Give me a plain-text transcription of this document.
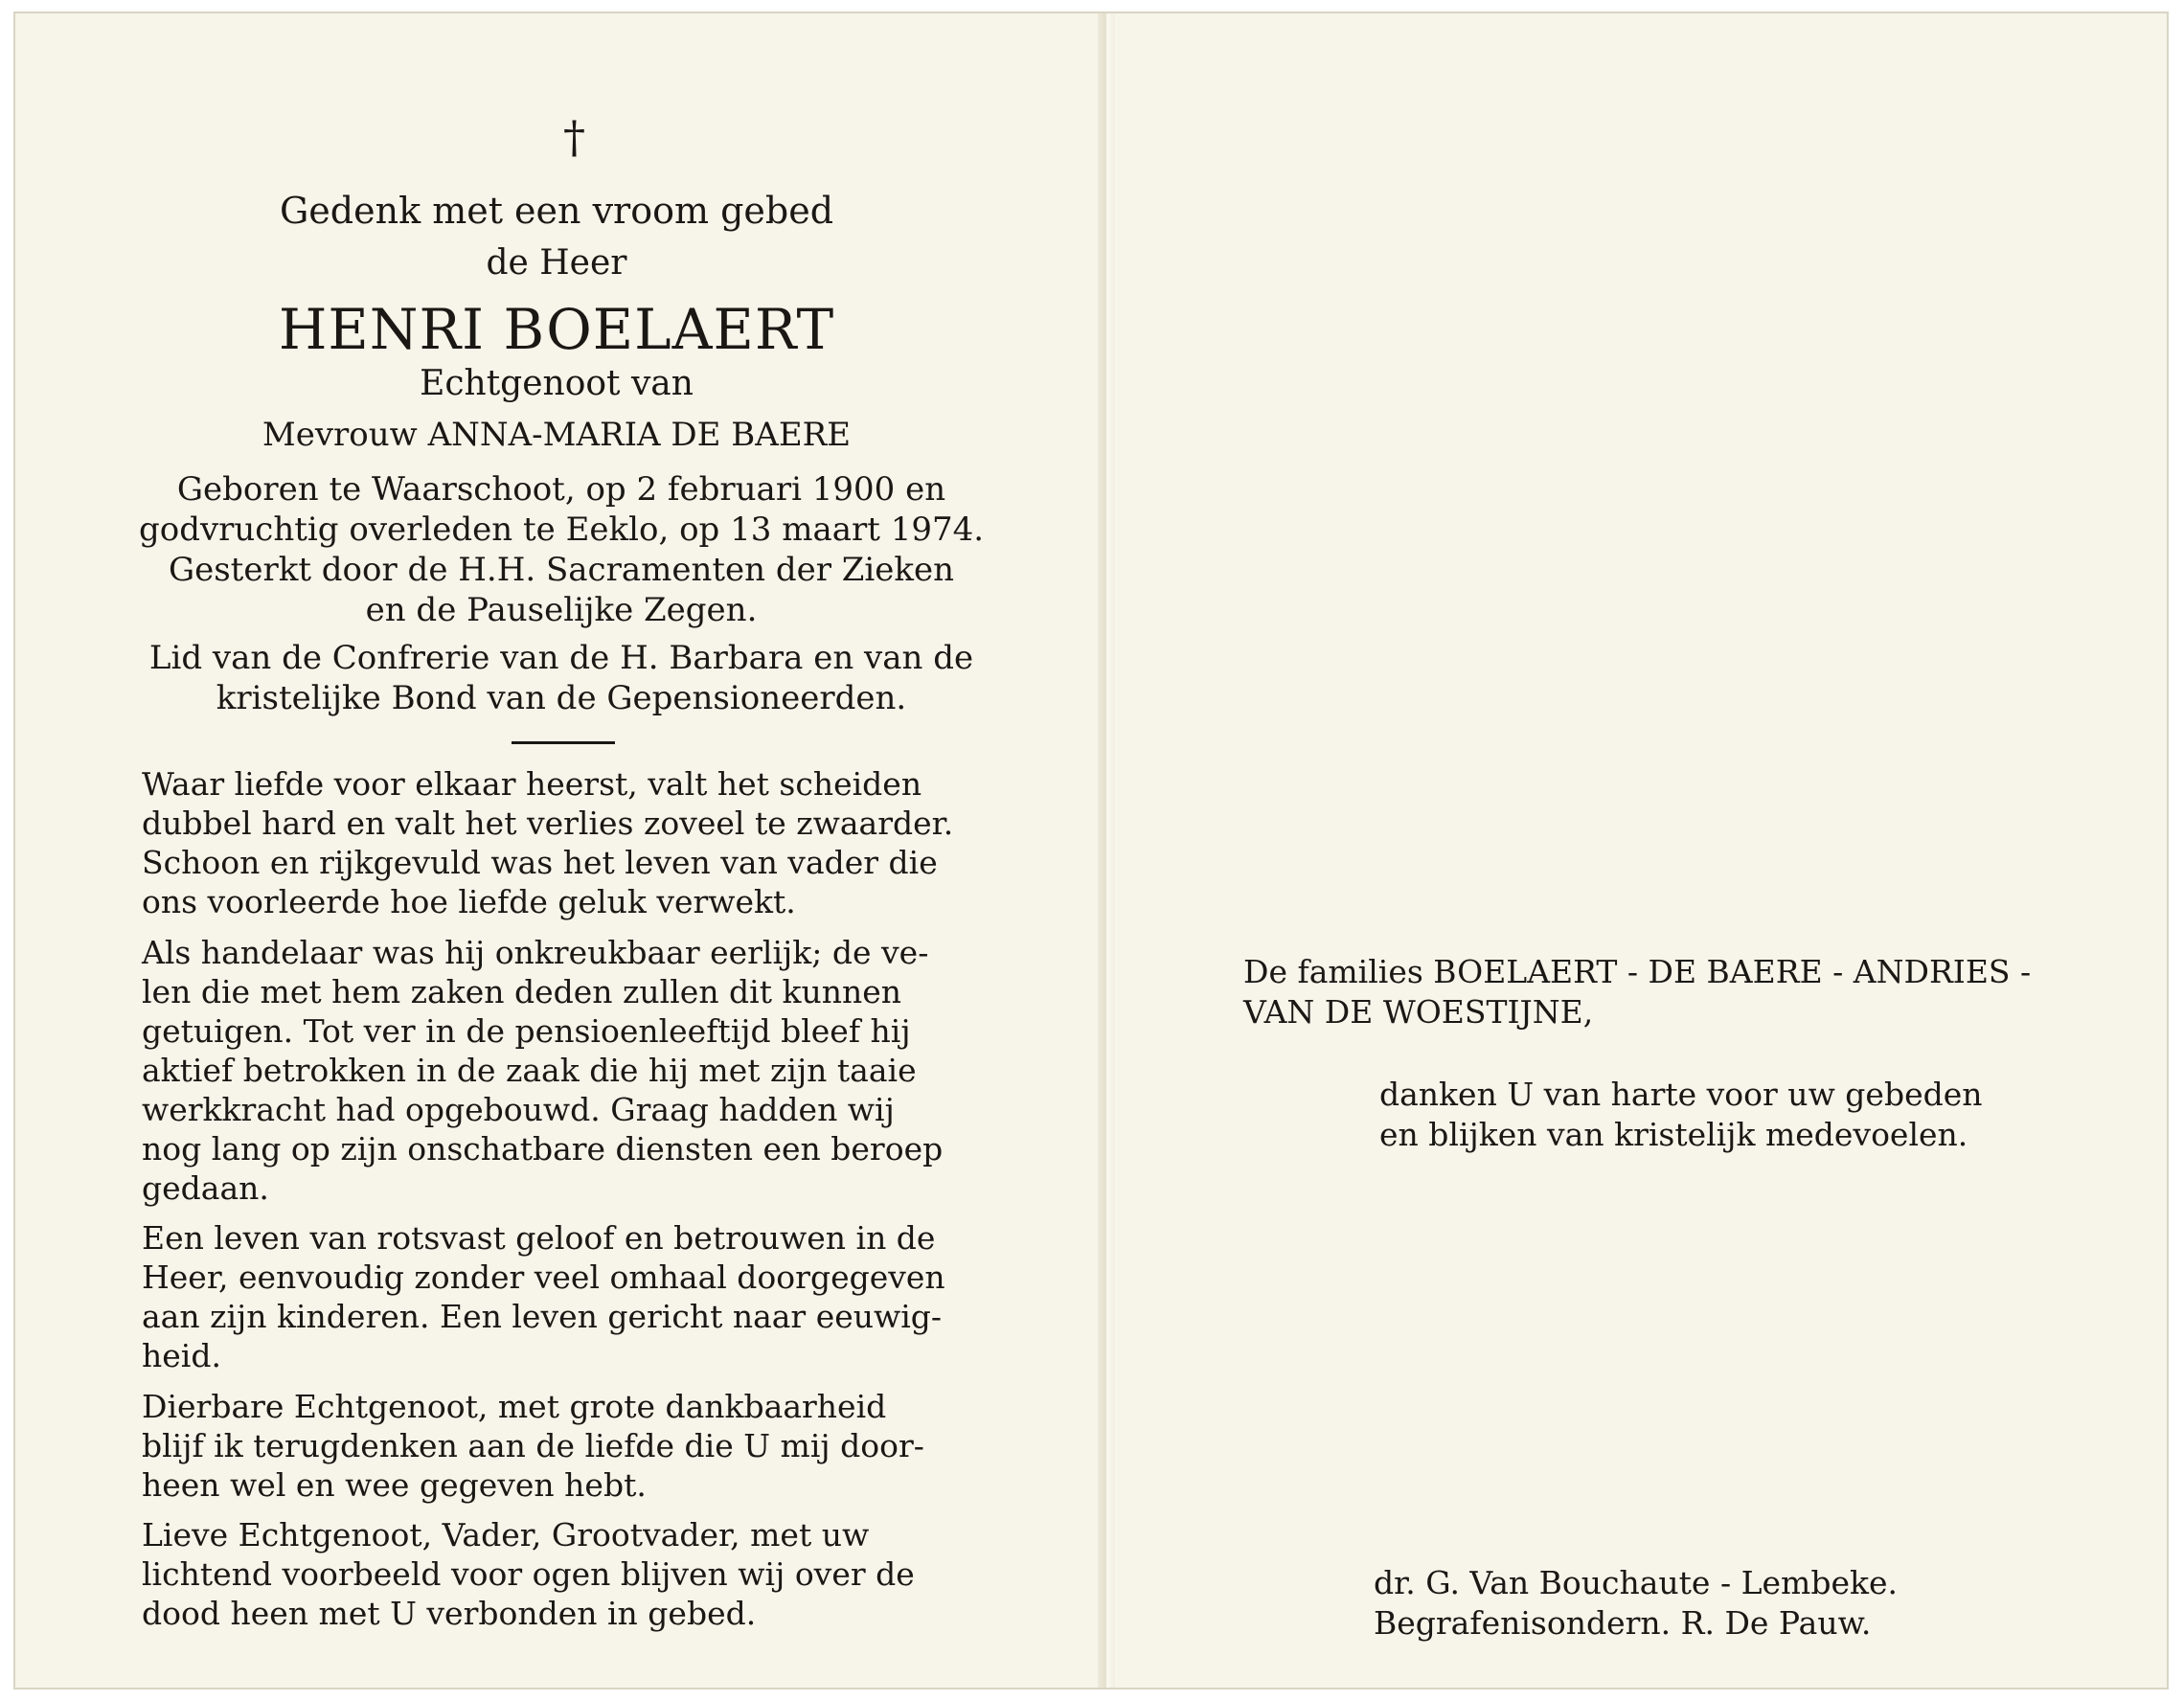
†
Gedenk met een vroom gebed
de Heer
HENRI BOELAERT
Echtgenoot van
Mevrouw ANNA-MARIA DE BAERE
Geboren te Waarschoot, op 2 februari 1900 en
godvruchtig overleden te Eeklo, op 13 maart 1974.
Gesterkt door de H.H. Sacramenten der Zieken
en de Pauselijke Zegen.
Lid van de Confrerie van de H. Barbara en van de
kristelijke Bond van de Gepensioneerden.
Waar liefde voor elkaar heerst, valt het scheiden
dubbel hard en valt het verlies zoveel te zwaarder.
Schoon en rijkgevuld was het leven van vader die
ons voorleerde hoe liefde geluk verwekt.
Als handelaar was hij onkreukbaar eerlijk; de ve-
len die met hem zaken deden zullen dit kunnen
getuigen. Tot ver in de pensioenleeftijd bleef hij
aktief betrokken in de zaak die hij met zijn taaie
werkkracht had opgebouwd. Graag hadden wij
nog lang op zijn onschatbare diensten een beroep
gedaan.
Een leven van rotsvast geloof en betrouwen in de
Heer, eenvoudig zonder veel omhaal doorgegeven
aan zijn kinderen. Een leven gericht naar eeuwig-
heid.
Dierbare Echtgenoot, met grote dankbaarheid
blijf ik terugdenken aan de liefde die U mij door-
heen wel en wee gegeven hebt.
Lieve Echtgenoot, Vader, Grootvader, met uw
lichtend voorbeeld voor ogen blijven wij over de
dood heen met U verbonden in gebed.
De families BOELAERT - DE BAERE - ANDRIES -
VAN DE WOESTIJNE,
danken U van harte voor uw gebeden
en blijken van kristelijk medevoelen.
dr. G. Van Bouchaute - Lembeke.
Begrafenisondern. R. De Pauw.
